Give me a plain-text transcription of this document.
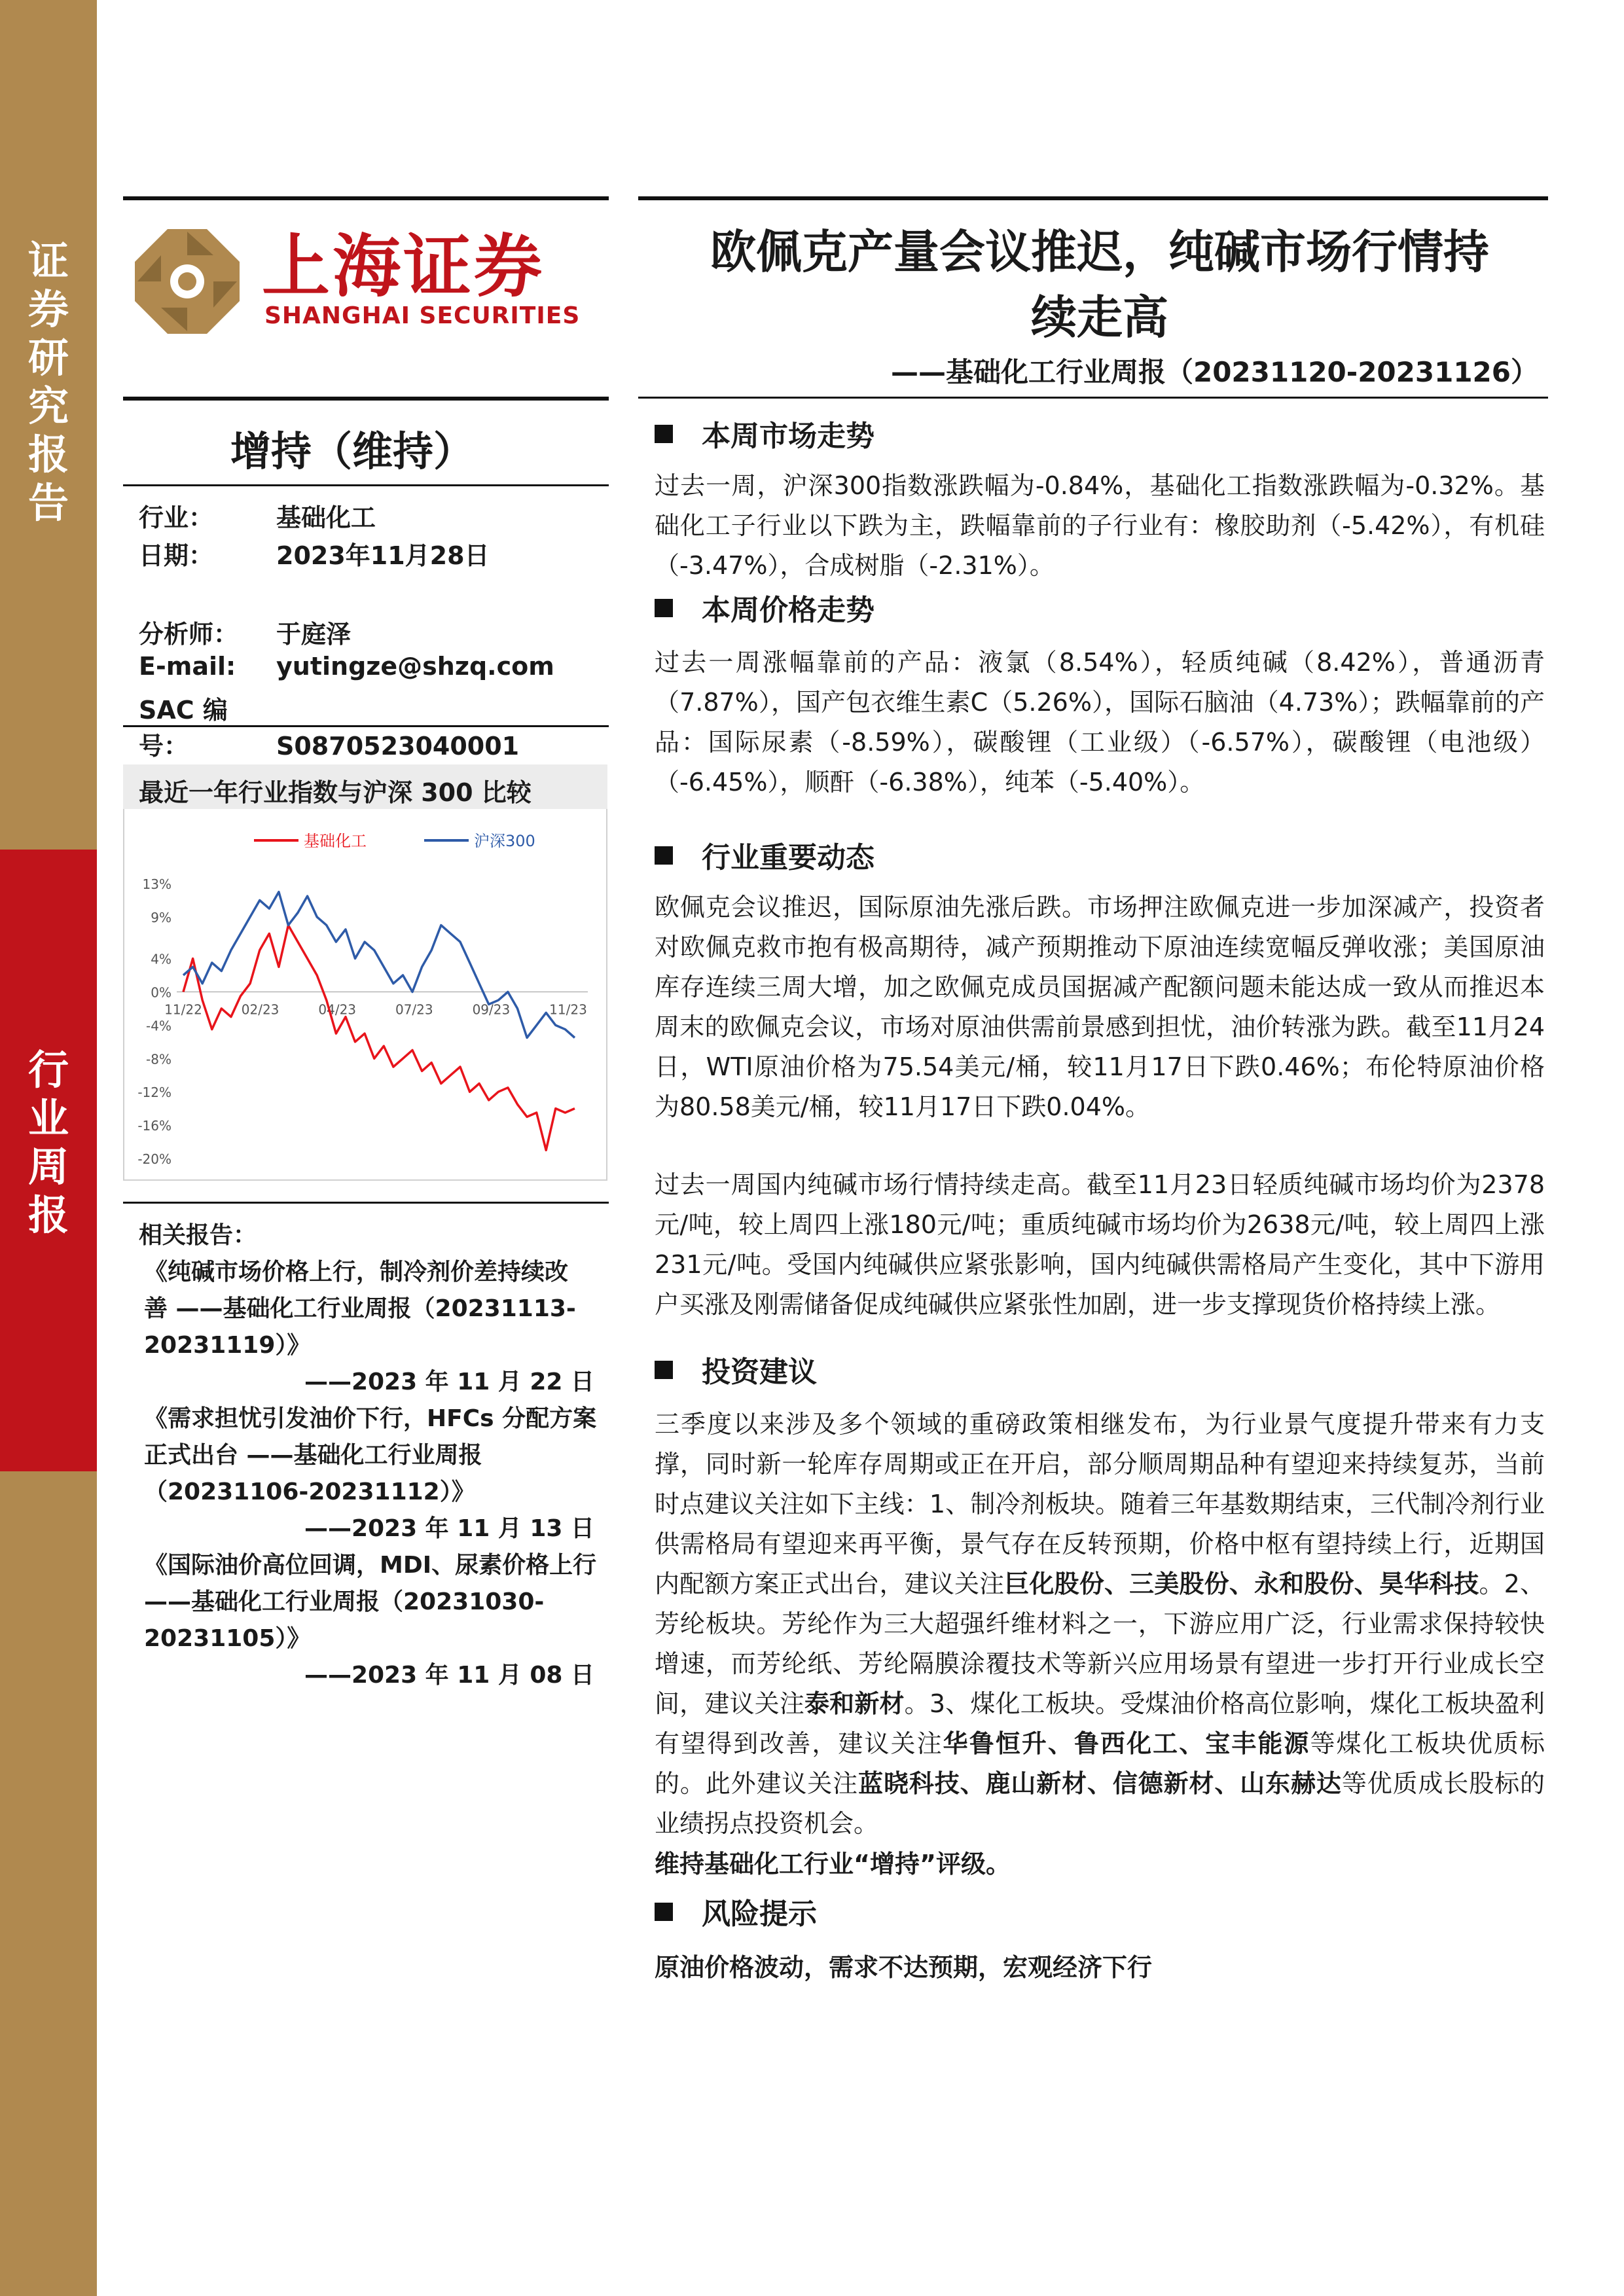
证
券
研
究
报
告
行
业
周
报
上海证券
SHANGHAI SECURITIES
欧佩克产量会议推迟，纯碱市场行情持
续走高
——基础化工行业周报（20231120-20231126）
增持（维持）
行业：	基础化工
日期：	2023年11月28日
分析师： 于庭泽
E-mail: yutingze@shzq.com
SAC 编号：	S0870523040001
最近一年行业指数与沪深 300 比较
基础化工	沪深300
13%
9%
4%
0%
-4%
-8%
-12%
-16%
-20%
11/22	02/23	04/23	07/23	09/23	11/23
相关报告：
《纯碱市场价格上行，制冷剂价差持续改
善 ——基础化工行业周报（20231113-
20231119）》
——2023 年 11 月 22 日
《需求担忧引发油价下行，HFCs 分配方案
正式出台 ——基础化工行业周报
（20231106-20231112）》
——2023 年 11 月 13 日
《国际油价高位回调，MDI、尿素价格上行
——基础化工行业周报（20231030-
20231105）》
——2023 年 11 月 08 日
本周市场走势
过去一周，沪深300指数涨跌幅为-0.84%，基础化工指数涨跌幅为-0.32%。基础化工子行业以下跌为主，跌幅靠前的子行业有：橡胶助剂（-5.42%），有机硅（-3.47%），合成树脂（-2.31%）。
本周价格走势
过去一周涨幅靠前的产品：液氯（8.54%），轻质纯碱（8.42%），普通沥青（7.87%），国产包衣维生素C（5.26%），国际石脑油（4.73%）；跌幅靠前的产品：国际尿素（-8.59%），碳酸锂（工业级）（-6.57%），碳酸锂（电池级）（-6.45%），顺酐（-6.38%），纯苯（-5.40%）。
行业重要动态
欧佩克会议推迟，国际原油先涨后跌。市场押注欧佩克进一步加深减产，投资者对欧佩克救市抱有极高期待，减产预期推动下原油连续宽幅反弹收涨；美国原油库存连续三周大增，加之欧佩克成员国据减产配额问题未能达成一致从而推迟本周末的欧佩克会议，市场对原油供需前景感到担忧，油价转涨为跌。截至11月24日，WTI原油价格为75.54美元/桶，较11月17日下跌0.46%；布伦特原油价格为80.58美元/桶，较11月17日下跌0.04%。
过去一周国内纯碱市场行情持续走高。截至11月23日轻质纯碱市场均价为2378元/吨，较上周四上涨180元/吨；重质纯碱市场均价为2638元/吨，较上周四上涨231元/吨。受国内纯碱供应紧张影响，国内纯碱供需格局产生变化，其中下游用户买涨及刚需储备促成纯碱供应紧张性加剧，进一步支撑现货价格持续上涨。
投资建议
三季度以来涉及多个领域的重磅政策相继发布，为行业景气度提升带来有力支撑，同时新一轮库存周期或正在开启，部分顺周期品种有望迎来持续复苏，当前时点建议关注如下主线：1、制冷剂板块。随着三年基数期结束，三代制冷剂行业供需格局有望迎来再平衡，景气存在反转预期，价格中枢有望持续上行，近期国内配额方案正式出台，建议关注巨化股份、三美股份、永和股份、昊华科技。2、芳纶板块。芳纶作为三大超强纤维材料之一，下游应用广泛，行业需求保持较快增速，而芳纶纸、芳纶隔膜涂覆技术等新兴应用场景有望进一步打开行业成长空间，建议关注泰和新材。3、煤化工板块。受煤油价格高位影响，煤化工板块盈利有望得到改善，建议关注华鲁恒升、鲁西化工、宝丰能源等煤化工板块优质标的。此外建议关注蓝晓科技、鹿山新材、信德新材、山东赫达等优质成长股标的业绩拐点投资机会。
维持基础化工行业“增持”评级。
风险提示
原油价格波动，需求不达预期，宏观经济下行
